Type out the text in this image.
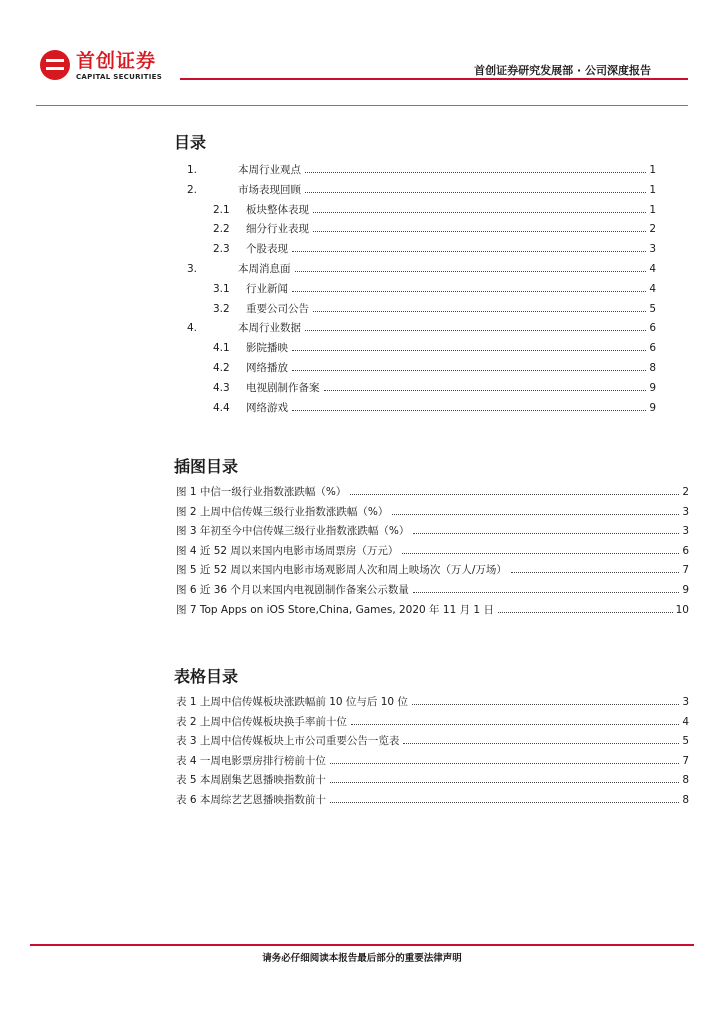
首创证券
CAPITAL SECURITIES	首创证券研究发展部 · 公司深度报告
目录
插图目录
表格目录
请务必仔细阅读本报告最后部分的重要法律声明
1.	本周行业观点	1
2.	市场表现回顾	1
2.1	板块整体表现	1
2.2	细分行业表现	2
2.3	个股表现	3
3.	本周消息面	4
3.1	行业新闻	4
3.2	重要公司公告	5
4.	本周行业数据	6
4.1	影院播映	6
4.2	网络播放	8
4.3	电视剧制作备案	9
4.4	网络游戏	9
图 1 中信一级行业指数涨跌幅（%）	2
图 2 上周中信传媒三级行业指数涨跌幅（%）	3
图 3 年初至今中信传媒三级行业指数涨跌幅（%）	3
图 4 近 52 周以来国内电影市场周票房（万元）	6
图 5 近 52 周以来国内电影市场观影周人次和周上映场次（万人/万场）	7
图 6 近 36 个月以来国内电视剧制作备案公示数量	9
图 7 Top Apps on iOS Store,China, Games, 2020 年 11 月 1 日	10
表 1 上周中信传媒板块涨跌幅前 10 位与后 10 位	3
表 2 上周中信传媒板块换手率前十位	4
表 3 上周中信传媒板块上市公司重要公告一览表	5
表 4 一周电影票房排行榜前十位	7
表 5 本周剧集艺恩播映指数前十	8
表 6 本周综艺艺恩播映指数前十	8
